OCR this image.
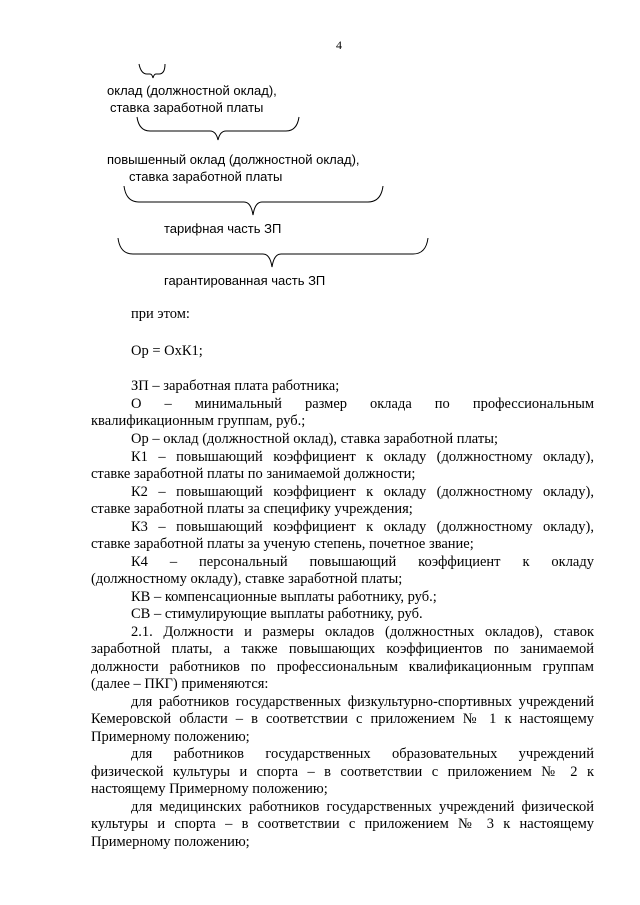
4
оклад (должностной оклад),
ставка заработной платы
повышенный оклад (должностной оклад),
ставка заработной платы
тарифная часть ЗП
гарантированная часть ЗП
при этом:
Ор = ОхК1;
ЗП – заработная плата работника;
О – минимальный размер оклада по профессиональным
квалификационным группам, руб.;
Ор – оклад (должностной оклад), ставка заработной платы;
К1 – повышающий коэффициент к окладу (должностному окладу),
ставке заработной платы по занимаемой должности;
К2 – повышающий коэффициент к окладу (должностному окладу),
ставке заработной платы за специфику учреждения;
К3 – повышающий коэффициент к окладу (должностному окладу),
ставке заработной платы за ученую степень, почетное звание;
К4 – персональный повышающий коэффициент к окладу
(должностному окладу), ставке заработной платы;
КВ – компенсационные выплаты работнику, руб.;
СВ – стимулирующие выплаты работнику, руб.
2.1. Должности и размеры окладов (должностных окладов), ставок
заработной платы, а также повышающих коэффициентов по занимаемой
должности работников по профессиональным квалификационным группам
(далее – ПКГ) применяются:
для работников государственных физкультурно-спортивных учреждений
Кемеровской области – в соответствии с приложением № 1 к настоящему
Примерному положению;
для работников государственных образовательных учреждений
физической культуры и спорта – в соответствии с приложением № 2 к
настоящему Примерному положению;
для медицинских работников государственных учреждений физической
культуры и спорта – в соответствии с приложением № 3 к настоящему
Примерному положению;
